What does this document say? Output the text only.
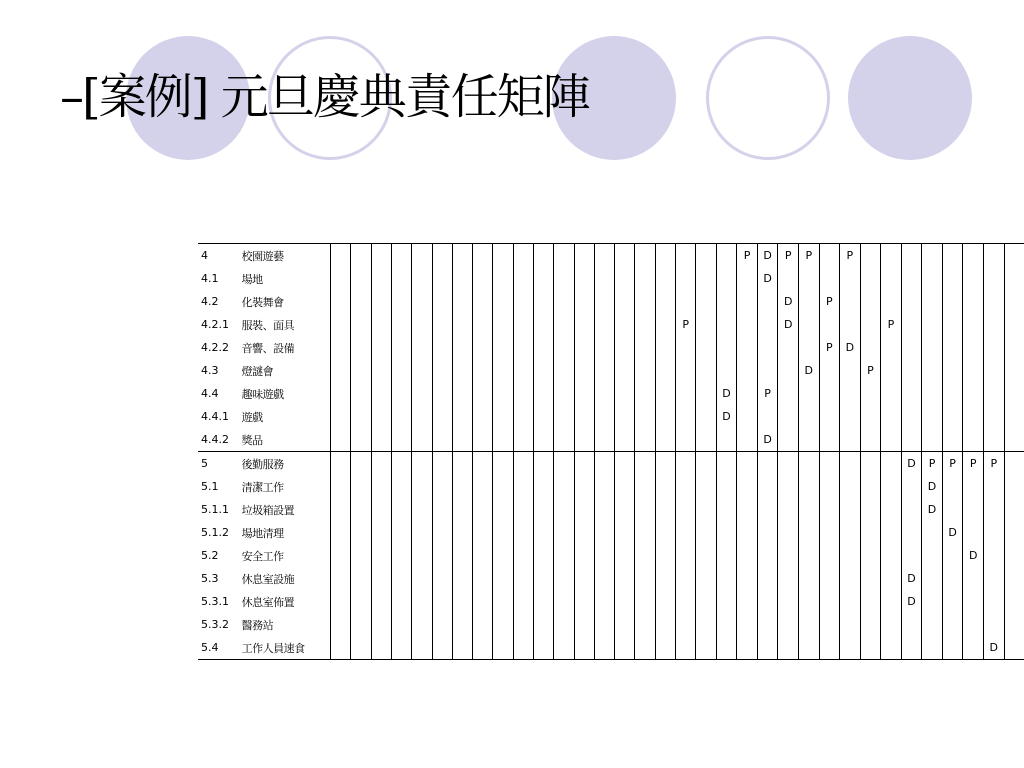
–[案例] 元旦慶典責任矩陣
4	校園遊藝																					P	D	P	P		P								
4.1	場地																						D												
4.2	化裝舞會																							D		P									
4.2.1	服裝、面具																		P					D					P						
4.2.2	音響、設備																									P	D								
4.3	燈謎會																								D			P							
4.4	趣味遊戲																				D		P												
4.4.1	遊戲																				D														
4.4.2	獎品																						D												
5	後勤服務																													D	P	P	P	P	
5.1	清潔工作																														D				
5.1.1	垃圾箱設置																														D				
5.1.2	場地清理																															D			
5.2	安全工作																																D		
5.3	休息室設施																													D					
5.3.1	休息室佈置																													D					
5.3.2	醫務站																																		
5.4	工作人員速食																																	D	
